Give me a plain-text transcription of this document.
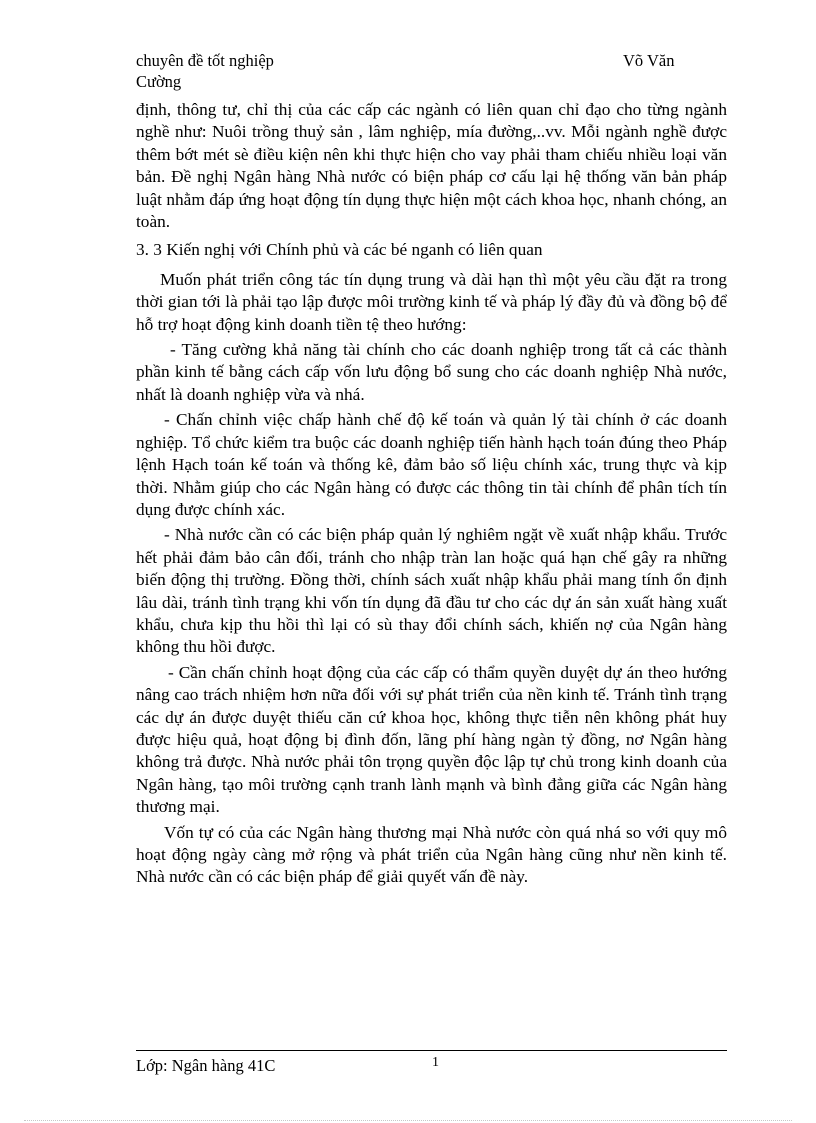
chuyên đề tốt nghiệp	Võ Văn
Cường

định, thông tư, chỉ thị của các cấp các ngành có liên quan chỉ đạo cho từng ngành nghề như: Nuôi trồng thuỷ sản , lâm nghiệp, mía đường,..vv. Mỗi ngành nghề được thêm bớt mét sè điều kiện nên khi thực hiện cho vay phải tham chiếu nhiều loại văn bản. Đề nghị Ngân hàng Nhà nước có biện pháp cơ cấu lại hệ thống văn bản pháp luật nhằm đáp ứng hoạt động tín dụng thực hiện một cách khoa học, nhanh chóng, an toàn.

3. 3 Kiến nghị với Chính phủ và các bé nganh có liên quan

Muốn phát triển công tác tín dụng trung và dài hạn thì một yêu cầu đặt ra trong thời gian tới là phải tạo lập được môi trường kinh tế và pháp lý đầy đủ và đồng bộ để hỗ trợ hoạt động kinh doanh tiền tệ theo hướng:

- Tăng cường khả năng tài chính cho các doanh nghiệp trong tất cả các thành phần kinh tế bằng cách cấp vốn lưu động bổ sung cho các doanh nghiệp Nhà nước, nhất là doanh nghiệp vừa và nhá.

- Chấn chỉnh việc chấp hành chế độ kế toán và quản lý tài chính ở các doanh nghiệp. Tổ chức kiểm tra buộc các doanh nghiệp tiến hành hạch toán đúng theo Pháp lệnh Hạch toán kế toán và thống kê, đảm bảo số liệu chính xác, trung thực và kịp thời. Nhằm giúp cho các Ngân hàng có được các thông tin tài chính để phân tích tín dụng được chính xác.

- Nhà nước cần có các biện pháp quản lý nghiêm ngặt về xuất nhập khẩu. Trước hết phải đảm bảo cân đối, tránh cho nhập tràn lan hoặc quá hạn chế gây ra những biến động thị trường. Đồng thời, chính sách xuất nhập khẩu phải mang tính ổn định lâu dài, tránh tình trạng khi vốn tín dụng đã đầu tư cho các dự án sản xuất hàng xuất khẩu, chưa kịp thu hồi thì lại có sù thay đổi chính sách, khiến nợ của Ngân hàng không thu hồi được.

- Cần chấn chỉnh hoạt động của các cấp có thẩm quyền duyệt dự án theo hướng nâng cao trách nhiệm hơn nữa đối với sự phát triển của nền kinh tế. Tránh tình trạng các dự án được duyệt thiếu căn cứ khoa học, không thực tiễn nên không phát huy được hiệu quả, hoạt động bị đình đốn, lãng phí hàng ngàn tỷ đồng, nơ Ngân hàng không trả được. Nhà nước phải tôn trọng quyền độc lập tự chủ trong kinh doanh của Ngân hàng, tạo môi trường cạnh tranh lành mạnh và bình đẳng giữa các Ngân hàng thương mại.

Vốn tự có của các Ngân hàng thương mại Nhà nước còn quá nhá so với quy mô hoạt động ngày càng mở rộng và phát triển của Ngân hàng cũng như nền kinh tế. Nhà nước cần có các biện pháp để giải quyết vấn đề này.

Lớp: Ngân hàng 41C	1
